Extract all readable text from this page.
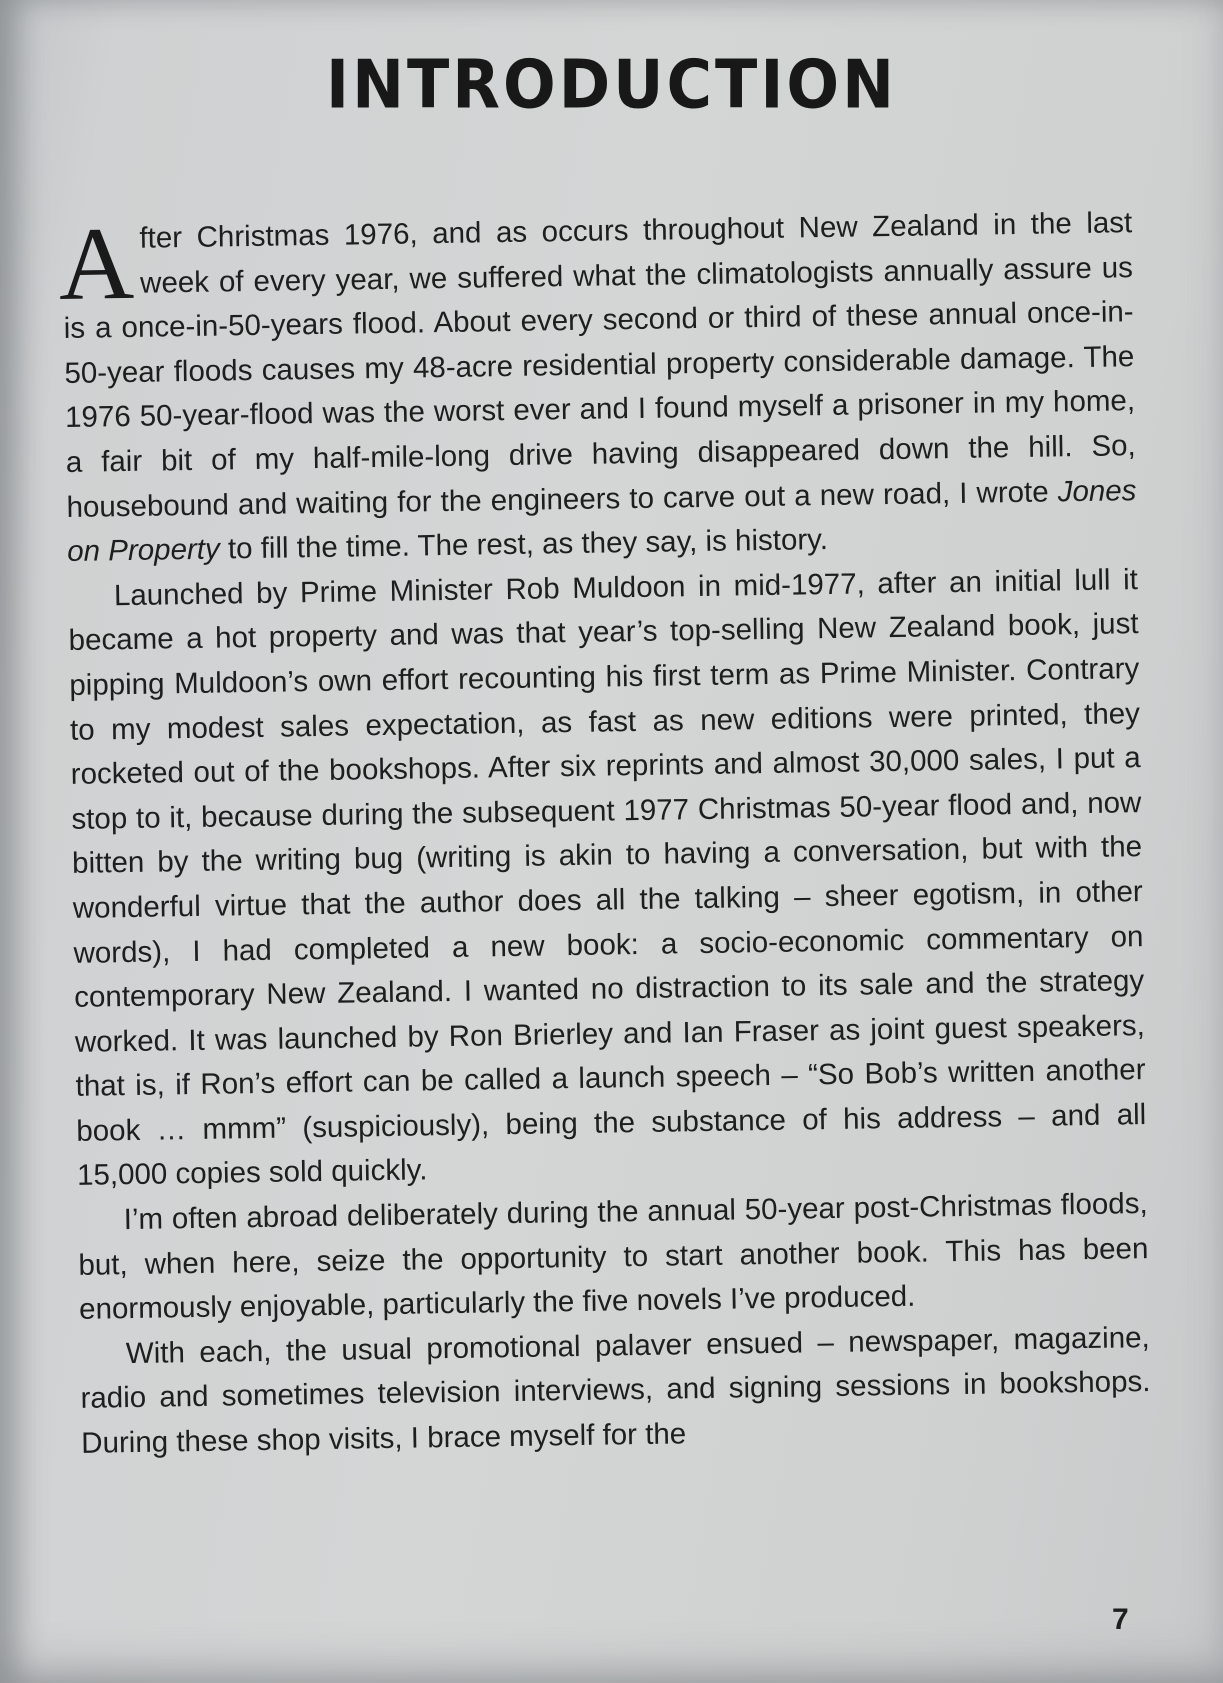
INTRODUCTION

After Christmas 1976, and as occurs throughout New Zealand in the last week of every year, we suffered what the climatologists annually assure us is a once-in-50-years flood. About every second or third of these annual once-in-50-year floods causes my 48-acre residential property considerable damage. The 1976 50-year-flood was the worst ever and I found myself a prisoner in my home, a fair bit of my half-mile-long drive having disappeared down the hill. So, housebound and waiting for the engineers to carve out a new road, I wrote Jones on Property to fill the time. The rest, as they say, is history.

Launched by Prime Minister Rob Muldoon in mid-1977, after an initial lull it became a hot property and was that year’s top-selling New Zealand book, just pipping Muldoon’s own effort recounting his first term as Prime Minister. Contrary to my modest sales expectation, as fast as new editions were printed, they rocketed out of the bookshops. After six reprints and almost 30,000 sales, I put a stop to it, because during the subsequent 1977 Christmas 50-year flood and, now bitten by the writing bug (writing is akin to having a conversation, but with the wonderful virtue that the author does all the talking – sheer egotism, in other words), I had completed a new book: a socio-economic commentary on contemporary New Zealand. I wanted no distraction to its sale and the strategy worked. It was launched by Ron Brierley and Ian Fraser as joint guest speakers, that is, if Ron’s effort can be called a launch speech – “So Bob’s written another book … mmm” (suspiciously), being the substance of his address – and all 15,000 copies sold quickly.

I’m often abroad deliberately during the annual 50-year post-Christmas floods, but, when here, seize the opportunity to start another book. This has been enormously enjoyable, particularly the five novels I’ve produced.

With each, the usual promotional palaver ensued – newspaper, magazine, radio and sometimes television interviews, and signing sessions in bookshops. During these shop visits, I brace myself for the

7
